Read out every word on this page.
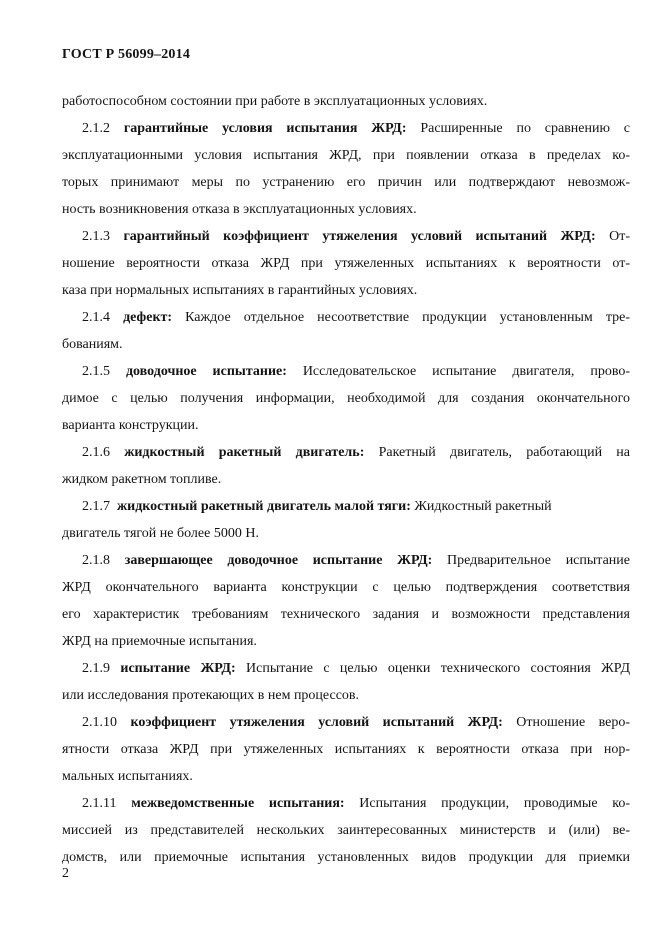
ГОСТ Р 56099–2014
работоспособном состоянии при работе в эксплуатационных условиях.
2.1.2 гарантийные условия испытания ЖРД: Расширенные по сравнению с
эксплуатационными условия испытания ЖРД, при появлении отказа в пределах ко-
торых принимают меры по устранению его причин или подтверждают невозмож-
ность возникновения отказа в эксплуатационных условиях.
2.1.3 гарантийный коэффициент утяжеления условий испытаний ЖРД: От-
ношение вероятности отказа ЖРД при утяжеленных испытаниях к вероятности от-
каза при нормальных испытаниях в гарантийных условиях.
2.1.4 дефект: Каждое отдельное несоответствие продукции установленным тре-
бованиям.
2.1.5 доводочное испытание: Исследовательское испытание двигателя, прово-
димое с целью получения информации, необходимой для создания окончательного
варианта конструкции.
2.1.6 жидкостный ракетный двигатель: Ракетный двигатель, работающий на
жидком ракетном топливе.
2.1.7  жидкостный ракетный двигатель малой тяги: Жидкостный ракетный
двигатель тягой не более 5000 Н.
2.1.8 завершающее доводочное испытание ЖРД: Предварительное испытание
ЖРД окончательного варианта конструкции с целью подтверждения соответствия
его характеристик требованиям технического задания и возможности представления
ЖРД на приемочные испытания.
2.1.9 испытание ЖРД: Испытание с целью оценки технического состояния ЖРД
или исследования протекающих в нем процессов.
2.1.10 коэффициент утяжеления условий испытаний ЖРД: Отношение веро-
ятности отказа ЖРД при утяжеленных испытаниях к вероятности отказа при нор-
мальных испытаниях.
2.1.11 межведомственные испытания: Испытания продукции, проводимые ко-
миссией из представителей нескольких заинтересованных министерств и (или) ве-
домств, или приемочные испытания установленных видов продукции для приемки
2
